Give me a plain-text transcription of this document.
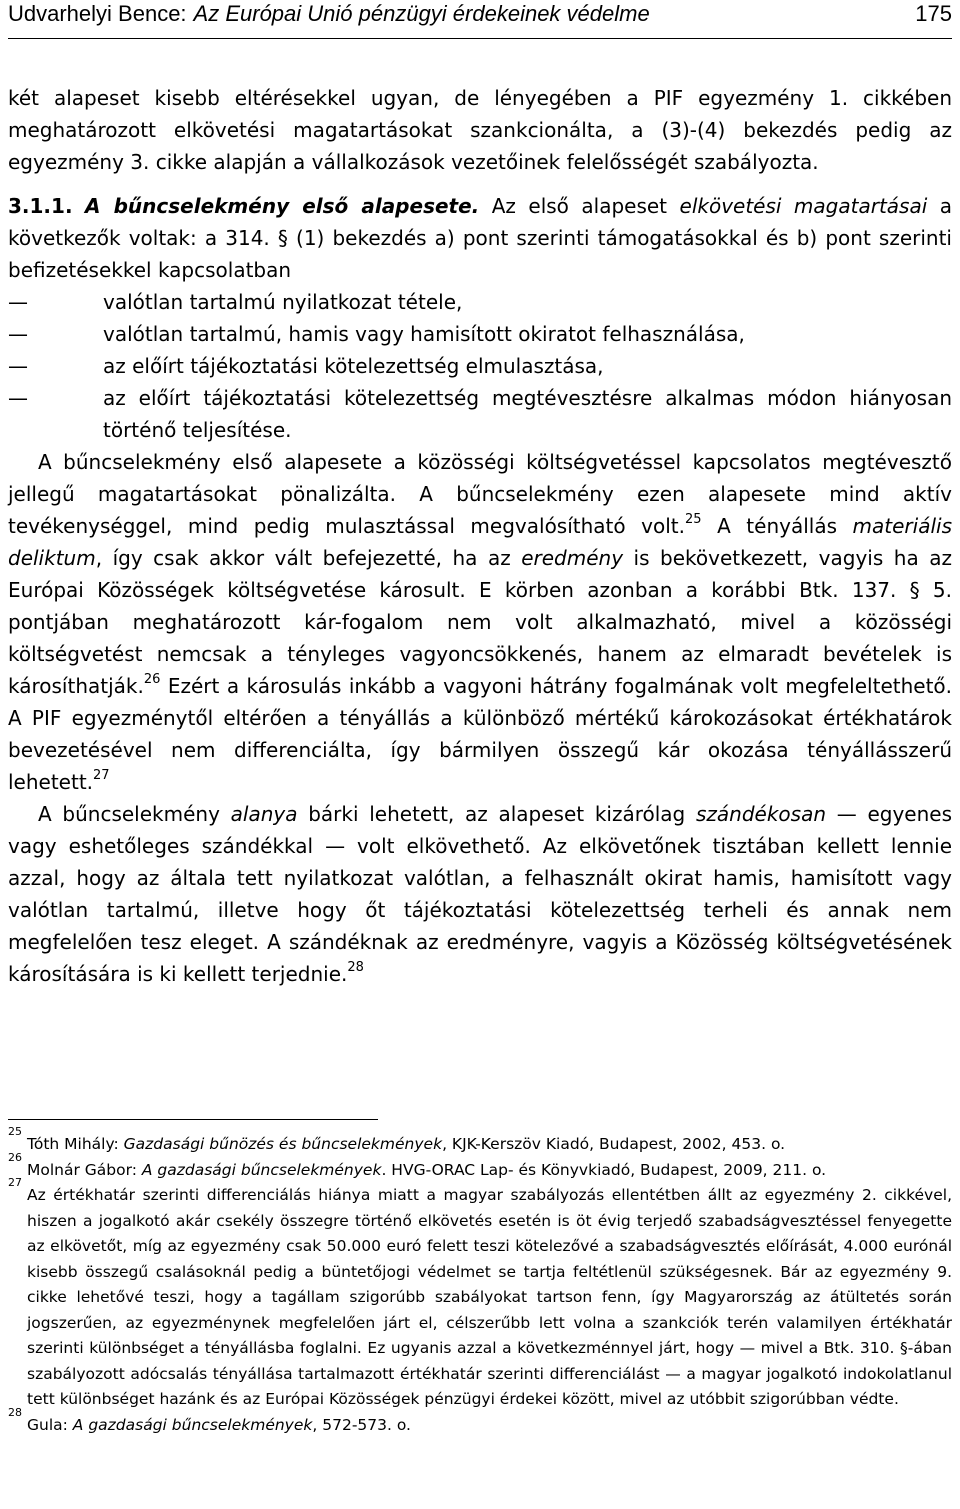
Udvarhelyi Bence: Az Európai Unió pénzügyi érdekeinek védelme	175

két alapeset kisebb eltérésekkel ugyan, de lényegében a PIF egyezmény 1. cikkében meghatározott elkövetési magatartásokat szankcionálta, a (3)-(4) bekezdés pedig az egyezmény 3. cikke alapján a vállalkozások vezetőinek felelősségét szabályozta.

3.1.1. A bűncselekmény első alapesete. Az első alapeset elkövetési magatartásai a következők voltak: a 314. § (1) bekezdés a) pont szerinti támogatásokkal és b) pont szerinti befizetésekkel kapcsolatban

—	valótlan tartalmú nyilatkozat tétele,
—	valótlan tartalmú, hamis vagy hamisított okiratot felhasználása,
—	az előírt tájékoztatási kötelezettség elmulasztása,
—	az előírt tájékoztatási kötelezettség megtévesztésre alkalmas módon hiányosan történő teljesítése.

A bűncselekmény első alapesete a közösségi költségvetéssel kapcsolatos megtévesztő jellegű magatartásokat pönalizálta. A bűncselekmény ezen alapesete mind aktív tevékenységgel, mind pedig mulasztással megvalósítható volt.$^{25}$ A tényállás materiális deliktum, így csak akkor vált befejezetté, ha az eredmény is bekövetkezett, vagyis ha az Európai Közösségek költségvetése károsult. E körben azonban a korábbi Btk. 137. § 5. pontjában meghatározott kár-fogalom nem volt alkalmazható, mivel a közösségi költségvetést nemcsak a tényleges vagyoncsökkenés, hanem az elmaradt bevételek is károsíthatják.$^{26}$ Ezért a károsulás inkább a vagyoni hátrány fogalmának volt megfeleltethető. A PIF egyezménytől eltérően a tényállás a különböző mértékű károkozásokat értékhatárok bevezetésével nem differenciálta, így bármilyen összegű kár okozása tényállásszerű lehetett.$^{27}$

A bűncselekmény alanya bárki lehetett, az alapeset kizárólag szándékosan — egyenes vagy eshetőleges szándékkal — volt elkövethető. Az elkövetőnek tisztában kellett lennie azzal, hogy az általa tett nyilatkozat valótlan, a felhasznált okirat hamis, hamisított vagy valótlan tartalmú, illetve hogy őt tájékoztatási kötelezettség terheli és annak nem megfelelően tesz eleget. A szándéknak az eredményre, vagyis a Közösség költségvetésének károsítására is ki kellett terjednie.$^{28}$

25
Tóth Mihály: Gazdasági bűnözés és bűncselekmények, KJK-Kerszöv Kiadó, Budapest, 2002, 453. o.
26
Molnár Gábor: A gazdasági bűncselekmények. HVG-ORAC Lap- és Könyvkiadó, Budapest, 2009, 211. o.
27
Az értékhatár szerinti differenciálás hiánya miatt a magyar szabályozás ellentétben állt az egyezmény 2. cikkével, hiszen a jogalkotó akár csekély összegre történő elkövetés esetén is öt évig terjedő szabadságvesztéssel fenyegette az elkövetőt, míg az egyezmény csak 50.000 euró felett teszi kötelezővé a szabadságvesztés előírását, 4.000 eurónál kisebb összegű csalásoknál pedig a büntetőjogi védelmet se tartja feltétlenül szükségesnek. Bár az egyezmény 9. cikke lehetővé teszi, hogy a tagállam szigorúbb szabályokat tartson fenn, így Magyarország az átültetés során jogszerűen, az egyezménynek megfelelően járt el, célszerűbb lett volna a szankciók terén valamilyen értékhatár szerinti különbséget a tényállásba foglalni. Ez ugyanis azzal a következménnyel járt, hogy — mivel a Btk. 310. §-ában szabályozott adócsalás tényállása tartalmazott értékhatár szerinti differenciálást — a magyar jogalkotó indokolatlanul tett különbséget hazánk és az Európai Közösségek pénzügyi érdekei között, mivel az utóbbit szigorúbban védte.
28
Gula: A gazdasági bűncselekmények, 572-573. o.
